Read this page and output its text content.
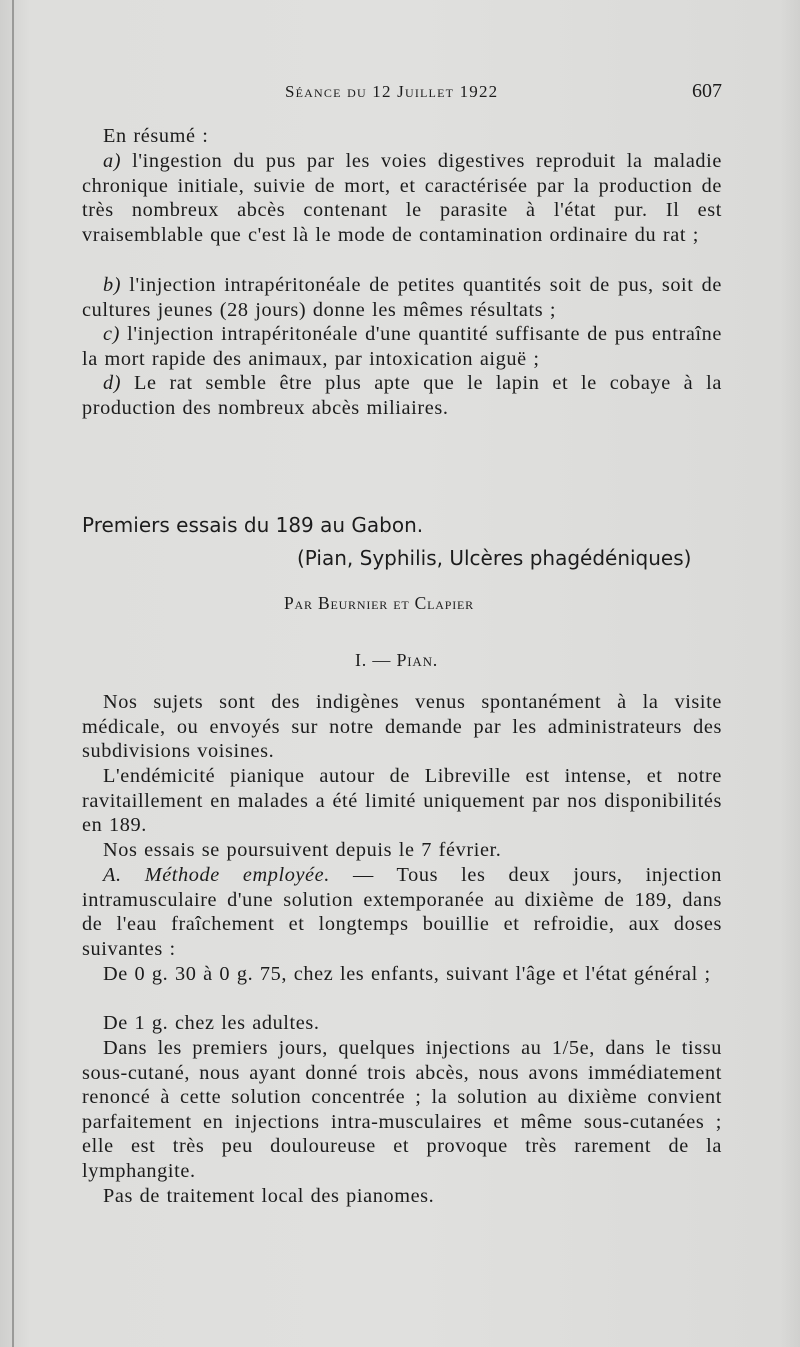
Séance du 12 Juillet 1922	607

En résumé :

a) l'ingestion du pus par les voies digestives reproduit la maladie chronique initiale, suivie de mort, et caractérisée par la production de très nombreux abcès contenant le parasite à l'état pur. Il est vraisemblable que c'est là le mode de contamination ordinaire du rat ;

b) l'injection intrapéritonéale de petites quantités soit de pus, soit de cultures jeunes (28 jours) donne les mêmes résultats ;

c) l'injection intrapéritonéale d'une quantité suffisante de pus entraîne la mort rapide des animaux, par intoxication aiguë ;

d) Le rat semble être plus apte que le lapin et le cobaye à la production des nombreux abcès miliaires.

Premiers essais du 189 au Gabon.
(Pian, Syphilis, Ulcères phagédéniques)
Par Beurnier et Clapier
I. — Pian.

Nos sujets sont des indigènes venus spontanément à la visite médicale, ou envoyés sur notre demande par les administrateurs des subdivisions voisines.

L'endémicité pianique autour de Libreville est intense, et notre ravitaillement en malades a été limité uniquement par nos disponibilités en 189.

Nos essais se poursuivent depuis le 7 février.

A. Méthode employée. — Tous les deux jours, injection intramusculaire d'une solution extemporanée au dixième de 189, dans de l'eau fraîchement et longtemps bouillie et refroidie, aux doses suivantes :

De 0 g. 30 à 0 g. 75, chez les enfants, suivant l'âge et l'état général ;

De 1 g. chez les adultes.

Dans les premiers jours, quelques injections au 1/5e, dans le tissu sous-cutané, nous ayant donné trois abcès, nous avons immédiatement renoncé à cette solution concentrée ; la solution au dixième convient parfaitement en injections intra-musculaires et même sous-cutanées ; elle est très peu douloureuse et provoque très rarement de la lymphangite.

Pas de traitement local des pianomes.
